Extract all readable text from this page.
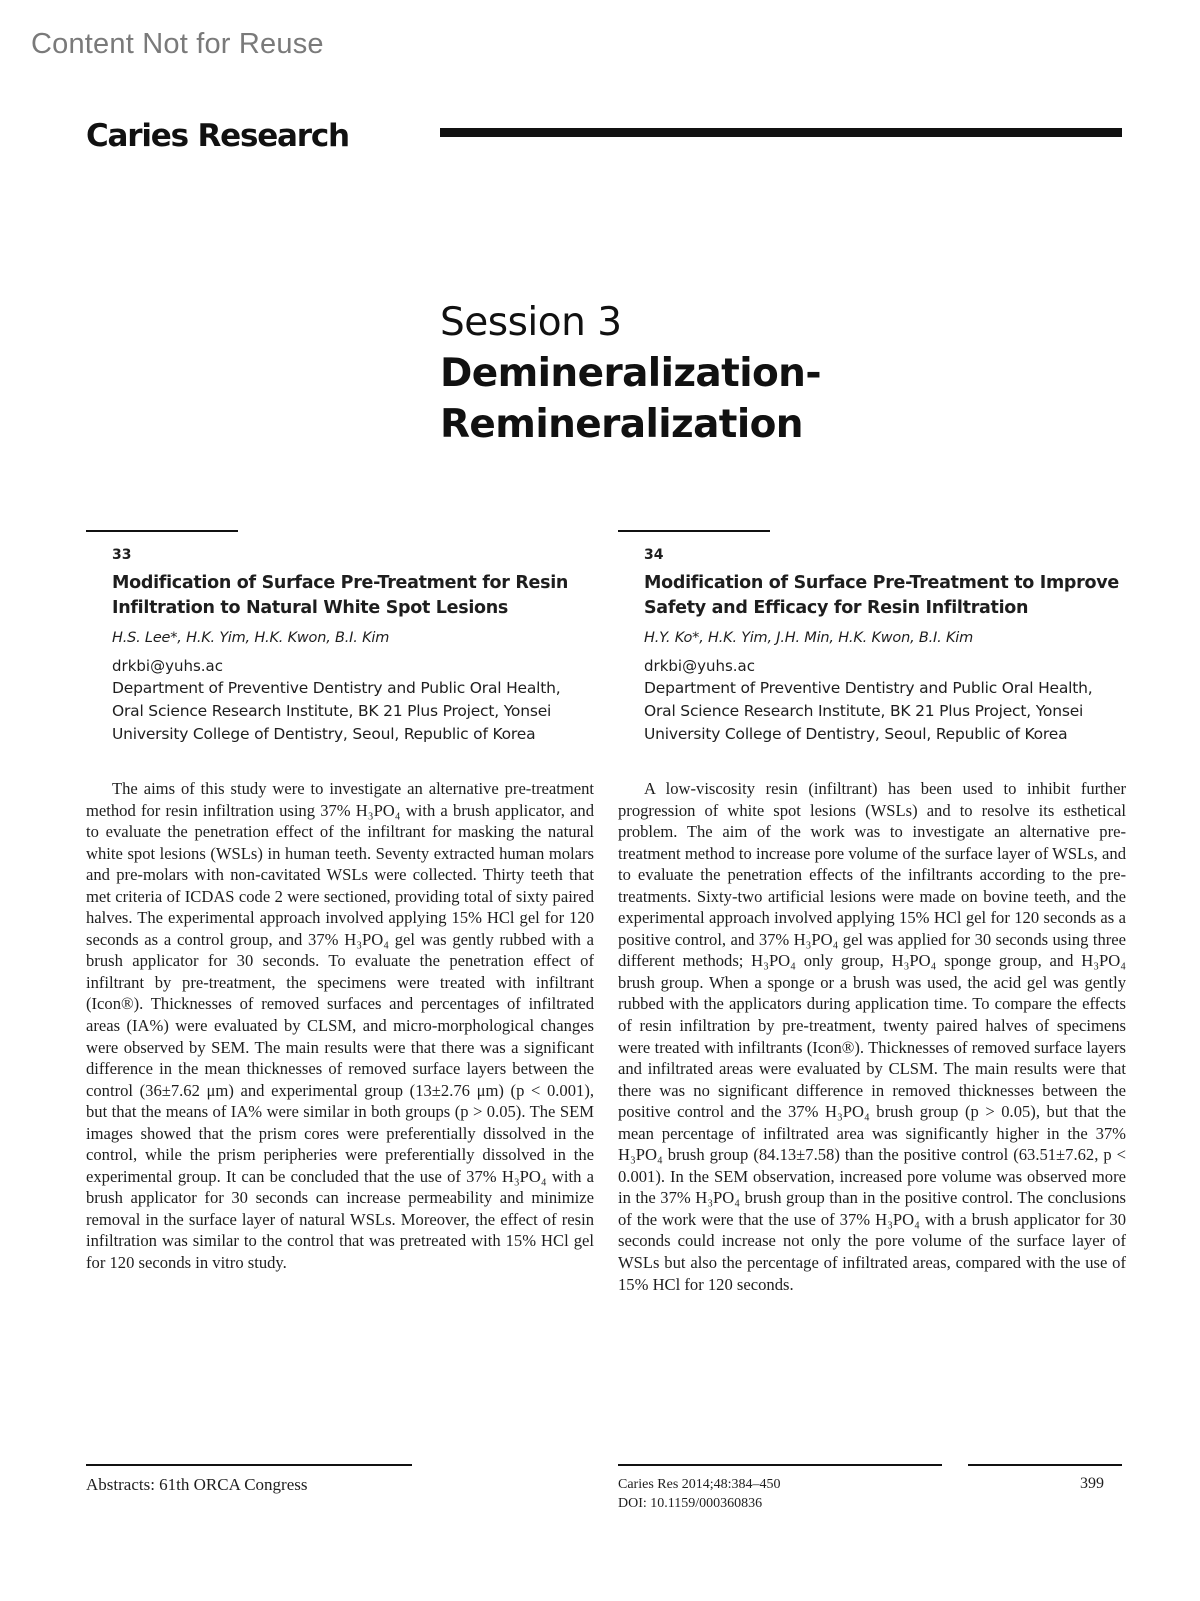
Content Not for Reuse
Caries Research
Session 3
Demineralization-Remineralization
33
Modification of Surface Pre-Treatment for Resin Infiltration to Natural White Spot Lesions
H.S. Lee*, H.K. Yim, H.K. Kwon, B.I. Kim
drkbi@yuhs.ac
Department of Preventive Dentistry and Public Oral Health, Oral Science Research Institute, BK 21 Plus Project, Yonsei University College of Dentistry, Seoul, Republic of Korea
34
Modification of Surface Pre-Treatment to Improve Safety and Efficacy for Resin Infiltration
H.Y. Ko*, H.K. Yim, J.H. Min, H.K. Kwon, B.I. Kim
drkbi@yuhs.ac
Department of Preventive Dentistry and Public Oral Health, Oral Science Research Institute, BK 21 Plus Project, Yonsei University College of Dentistry, Seoul, Republic of Korea
The aims of this study were to investigate an alternative pre-treatment method for resin infiltration using 37% H₃PO₄ with a brush applicator, and to evaluate the penetration effect of the infiltrant for masking the natural white spot lesions (WSLs) in human teeth. Seventy extracted human molars and pre-molars with non-cavitated WSLs were collected. Thirty teeth that met criteria of ICDAS code 2 were sectioned, providing total of sixty paired halves. The experimental approach involved applying 15% HCl gel for 120 seconds as a control group, and 37% H₃PO₄ gel was gently rubbed with a brush applicator for 30 seconds. To evaluate the penetration effect of infiltrant by pre-treatment, the specimens were treated with infiltrant (Icon®). Thicknesses of removed surfaces and percentages of infiltrated areas (IA%) were evaluated by CLSM, and micro-morphological changes were observed by SEM. The main results were that there was a significant difference in the mean thicknesses of removed surface layers between the control (36±7.62 μm) and experimental group (13±2.76 μm) (p < 0.001), but that the means of IA% were similar in both groups (p > 0.05). The SEM images showed that the prism cores were preferentially dissolved in the control, while the prism peripheries were preferentially dissolved in the experimental group. It can be concluded that the use of 37% H₃PO₄ with a brush applicator for 30 seconds can increase permeability and minimize removal in the surface layer of natural WSLs. Moreover, the effect of resin infiltration was similar to the control that was pretreated with 15% HCl gel for 120 seconds in vitro study.
A low-viscosity resin (infiltrant) has been used to inhibit further progression of white spot lesions (WSLs) and to resolve its esthetical problem. The aim of the work was to investigate an alternative pre-treatment method to increase pore volume of the surface layer of WSLs, and to evaluate the penetration effects of the infiltrants according to the pre-treatments. Sixty-two artificial lesions were made on bovine teeth, and the experimental approach involved applying 15% HCl gel for 120 seconds as a positive control, and 37% H₃PO₄ gel was applied for 30 seconds using three different methods; H₃PO₄ only group, H₃PO₄ sponge group, and H₃PO₄ brush group. When a sponge or a brush was used, the acid gel was gently rubbed with the applicators during application time. To compare the effects of resin infiltration by pre-treatment, twenty paired halves of specimens were treated with infiltrants (Icon®). Thicknesses of removed surface layers and infiltrated areas were evaluated by CLSM. The main results were that there was no significant difference in removed thicknesses between the positive control and the 37% H₃PO₄ brush group (p > 0.05), but that the mean percentage of infiltrated area was significantly higher in the 37% H₃PO₄ brush group (84.13±7.58) than the positive control (63.51±7.62, p < 0.001). In the SEM observation, increased pore volume was observed more in the 37% H₃PO₄ brush group than in the positive control. The conclusions of the work were that the use of 37% H₃PO₄ with a brush applicator for 30 seconds could increase not only the pore volume of the surface layer of WSLs but also the percentage of infiltrated areas, compared with the use of 15% HCl for 120 seconds.
Abstracts: 61th ORCA Congress	Caries Res 2014;48:384–450
DOI: 10.1159/000360836
399
